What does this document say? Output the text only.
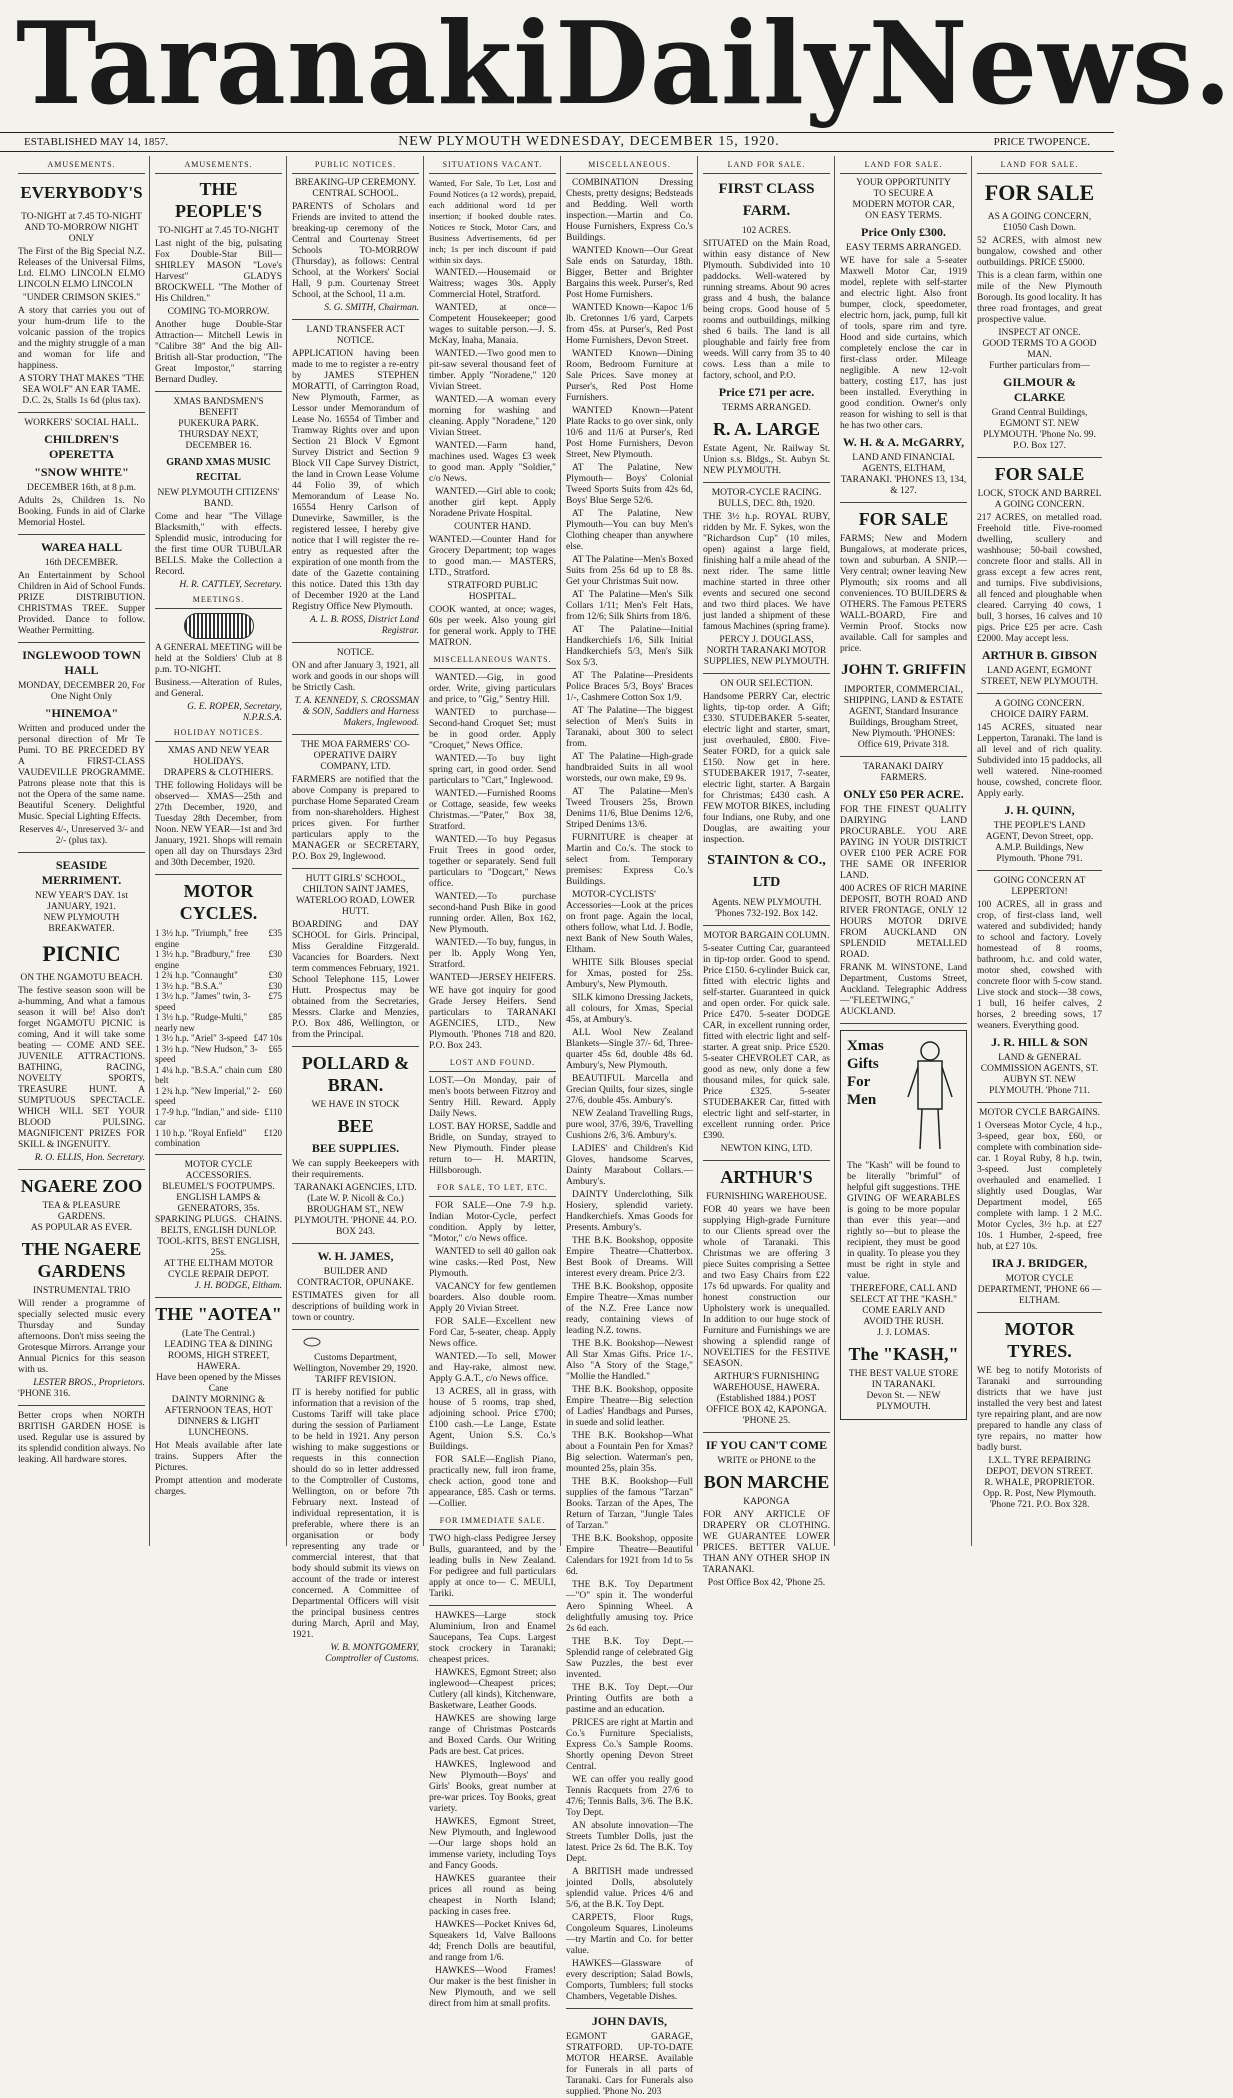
Taranaki Daily News.
ESTABLISHED MAY 14, 1857.	NEW PLYMOUTH WEDNESDAY, DECEMBER 15, 1920.	PRICE TWOPENCE.
AMUSEMENTS.
EVERYBODY'S
TO-NIGHT at 7.45 TO-NIGHT AND TO-MORROW NIGHT ONLY

The First of the Big Special N.Z. Releases of the Universal Films, Ltd. ELMO LINCOLN ELMO LINCOLN ELMO LINCOLN

"UNDER CRIMSON SKIES."

A story that carries you out of your hum-drum life to the volcanic passion of the tropics and the mighty struggle of a man and woman for life and happiness.

A STORY THAT MAKES "THE SEA WOLF" AN EAR TAME.
D.C. 2s, Stalls 1s 6d (plus tax).
WORKERS' SOCIAL HALL.
CHILDREN'S OPERETTA
"SNOW WHITE"
DECEMBER 16th, at 8 p.m.

Adults 2s, Children 1s. No Booking. Funds in aid of Clarke Memorial Hostel.

WAREA HALL
16th DECEMBER.

An Entertainment by School Children in Aid of School Funds. PRIZE DISTRIBUTION. CHRISTMAS TREE. Supper Provided. Dance to follow. Weather Permitting.

INGLEWOOD TOWN HALL
MONDAY, DECEMBER 20, For One Night Only
"HINEMOA"

Written and produced under the personal direction of Mr Te Pumi. TO BE PRECEDED BY A FIRST-CLASS VAUDEVILLE PROGRAMME. Patrons please note that this is not the Opera of the same name. Beautiful Scenery. Delightful Music. Special Lighting Effects.

Reserves 4/-, Unreserved 3/- and 2/- (plus tax).
SEASIDE MERRIMENT.
NEW YEAR'S DAY. 1st JANUARY, 1921.
NEW PLYMOUTH BREAKWATER.
PICNIC
ON THE NGAMOTU BEACH.

The festive season soon will be a-humming, And what a famous season it will be! Also don't forget NGAMOTU PICNIC is coming, And it will take some beating — COME AND SEE. JUVENILE ATTRACTIONS. BATHING, RACING, NOVELTY SPORTS, TREASURE HUNT. A SUMPTUOUS SPECTACLE. WHICH WILL SET YOUR BLOOD PULSING. MAGNIFICENT PRIZES FOR SKILL & INGENUITY.

R. O. ELLIS, Hon. Secretary.
NGAERE ZOO
TEA & PLEASURE GARDENS.
AS POPULAR AS EVER.
THE NGAERE GARDENS
INSTRUMENTAL TRIO

Will render a programme of specially selected music every Thursday and Sunday afternoons. Don't miss seeing the Grotesque Mirrors. Arrange your Annual Picnics for this season with us.

LESTER BROS., Proprietors.
'PHONE 316.

Better crops when NORTH BRITISH GARDEN HOSE is used. Regular use is assured by its splendid condition always. No leaking. All hardware stores.

AMUSEMENTS.
THE PEOPLE'S
TO-NIGHT at 7.45 TO-NIGHT

Last night of the big, pulsating Fox Double-Star Bill— SHIRLEY MASON "Love's Harvest" GLADYS BROCKWELL "The Mother of His Children."

COMING TO-MORROW.

Another huge Double-Star Attraction— Mitchell Lewis in "Calibre 38" And the big All-British all-Star production, "The Great Impostor," starring Bernard Dudley.

XMAS BANDSMEN'S BENEFIT
PUKEKURA PARK.
THURSDAY NEXT, DECEMBER 16.
GRAND XMAS MUSIC RECITAL
NEW PLYMOUTH CITIZENS' BAND.

Come and hear "The Village Blacksmith," with effects. Splendid music, introducing for the first time OUR TUBULAR BELLS. Make the Collection a Record.

H. R. CATTLEY, Secretary.
MEETINGS.

A GENERAL MEETING will be held at the Soldiers' Club at 8 p.m. TO-NIGHT.

Business.—Alteration of Rules, and General.

G. E. ROPER, Secretary, N.P.R.S.A.
HOLIDAY NOTICES.
XMAS AND NEW YEAR HOLIDAYS.
DRAPERS & CLOTHIERS.

THE following Holidays will be observed— XMAS—25th and 27th December, 1920, and Tuesday 28th December, from Noon. NEW YEAR—1st and 3rd January, 1921. Shops will remain open all day on Thursdays 23rd and 30th December, 1920.

MOTOR CYCLES.
1 3½ h.p. "Triumph," free engine
£35
1 3½ h.p. "Bradbury," free engine
£30
1 2¾ h.p. "Connaught"	£30
1 3½ h.p. "B.S.A."	£30
1 3½ h.p. "James" twin, 3-speed
£75
1 3½ h.p. "Rudge-Multi," nearly new
£85
1 3½ h.p. "Ariel" 3-speed £47 10s
1 3½ h.p. "New Hudson," 3-speed
£65
1 4¼ h.p. "B.S.A." chain cum belt
£80
1 2¾ h.p. "New Imperial," 2-speed
£60
1 7-9 h.p. "Indian," and side-car
£110
1 10 h.p. "Royal Enfield" combination
£120
MOTOR CYCLE ACCESSORIES.
BLEUMEL'S FOOTPUMPS.
ENGLISH LAMPS & GENERATORS, 35s.
SPARKING PLUGS. CHAINS.
BELTS, ENGLISH DUNLOP.
TOOL-KITS, BEST ENGLISH, 25s.
AT THE ELTHAM MOTOR CYCLE REPAIR DEPOT.
J. H. BODGE, Eltham.
THE "AOTEA"
(Late The Central.)
LEADING TEA & DINING ROOMS, HIGH STREET, HAWERA.
Have been opened by the Misses Cane
DAINTY MORNING & AFTERNOON TEAS, HOT DINNERS & LIGHT LUNCHEONS.

Hot Meals available after late trains. Suppers After the Pictures.

Prompt attention and moderate charges.

PUBLIC NOTICES.
BREAKING-UP CEREMONY.
CENTRAL SCHOOL.

PARENTS of Scholars and Friends are invited to attend the breaking-up ceremony of the Central and Courtenay Street Schools TO-MORROW (Thursday), as follows: Central School, at the Workers' Social Hall, 9 p.m. Courtenay Street School, at the School, 11 a.m.

S. G. SMITH, Chairman.
LAND TRANSFER ACT NOTICE.

APPLICATION having been made to me to register a re-entry by JAMES STEPHEN MORATTI, of Carrington Road, New Plymouth, Farmer, as Lessor under Memorandum of Lease No. 16554 of Timber and Tramway Rights over and upon Section 21 Block V Egmont Survey District and Section 9 Block VII Cape Survey District, the land in Crown Lease Volume 44 Folio 39, of which Memorandum of Lease No. 16554 Henry Carlson of Dunevirke, Sawmiller, is the registered lessee, I hereby give notice that I will register the re-entry as requested after the expiration of one month from the date of the Gazette containing this notice. Dated this 13th day of December 1920 at the Land Registry Office New Plymouth.

A. L. B. ROSS, District Land Registrar.
NOTICE.

ON and after January 3, 1921, all work and goods in our shops will be Strictly Cash.

T. A. KENNEDY, S. CROSSMAN & SON, Saddlers and Harness Makers, Inglewood.
THE MOA FARMERS' CO-OPERATIVE DAIRY COMPANY, LTD.

FARMERS are notified that the above Company is prepared to purchase Home Separated Cream from non-shareholders. Highest prices given. For further particulars apply to the MANAGER or SECRETARY, P.O. Box 29, Inglewood.

HUTT GIRLS' SCHOOL, CHILTON SAINT JAMES,
WATERLOO ROAD, LOWER HUTT.

BOARDING and DAY SCHOOL for Girls. Principal, Miss Geraldine Fitzgerald. Vacancies for Boarders. Next term commences February, 1921. School Telephone 115, Lower Hutt. Prospectus may be obtained from the Secretaries, Messrs. Clarke and Menzies, P.O. Box 486, Wellington, or from the Principal.

POLLARD & BRAN.
WE HAVE IN STOCK
BEE
BEE SUPPLIES.

We can supply Beekeepers with their requirements.

TARANAKI AGENCIES, LTD.
(Late W. P. Nicoll & Co.) BROUGHAM ST., NEW PLYMOUTH. 'PHONE 44. P.O. BOX 243.
W. H. JAMES,
BUILDER AND CONTRACTOR, OPUNAKE.

ESTIMATES given for all descriptions of building work in town or country.

Customs Department, Wellington, November 29, 1920.
TARIFF REVISION.

IT is hereby notified for public information that a revision of the Customs Tariff will take place during the session of Parliament to be held in 1921. Any person wishing to make suggestions or requests in this connection should do so in letter addressed to the Comptroller of Customs, Wellington, on or before 7th February next. Instead of individual representation, it is preferable, where there is an organisation or body representing any trade or commercial interest, that that body should submit its views on account of the trade or interest concerned. A Committee of Departmental Officers will visit the principal business centres during March, April and May, 1921.

W. B. MONTGOMERY, Comptroller of Customs.
SITUATIONS VACANT.

Wanted, For Sale, To Let, Lost and Found Notices (a 12 words), prepaid, each additional word 1d per insertion; if booked double rates. Notices re Stock, Motor Cars, and Business Advertisements, 6d per inch; 1s per inch discount if paid within six days.

WANTED.—Housemaid or Waitress; wages 30s. Apply Commercial Hotel, Stratford.

WANTED, at once—Competent Housekeeper; good wages to suitable person.—J. S. McKay, Inaha, Manaia.

WANTED.—Two good men to pit-saw several thousand feet of timber. Apply "Noradene," 120 Vivian Street.

WANTED.—A woman every morning for washing and cleaning. Apply "Noradene," 120 Vivian Street.

WANTED.—Farm hand, machines used. Wages £3 week to good man. Apply "Soldier," c/o News.

WANTED.—Girl able to cook; another girl kept. Apply Noradene Private Hospital.

COUNTER HAND.

WANTED.—Counter Hand for Grocery Department; top wages to good man.— MASTERS, LTD., Stratford.

STRATFORD PUBLIC HOSPITAL.

COOK wanted, at once; wages, 60s per week. Also young girl for general work. Apply to THE MATRON.

MISCELLANEOUS WANTS.

WANTED.—Gig, in good order. Write, giving particulars and price, to "Gig," Sentry Hill.

WANTED to purchase—Second-hand Croquet Set; must be in good order. Apply "Croquet," News Office.

WANTED.—To buy light spring cart, in good order. Send particulars to "Cart," Inglewood.

WANTED.—Furnished Rooms or Cottage, seaside, few weeks Christmas.—"Pater," Box 38, Stratford.

WANTED.—To buy Pegasus Fruit Trees in good order, together or separately. Send full particulars to "Dogcart," News office.

WANTED.—To purchase second-hand Push Bike in good running order. Allen, Box 162, New Plymouth.

WANTED.—To buy, fungus, in per lb. Apply Wong Yen, Stratford.

WANTED—JERSEY HEIFERS.

WE have got inquiry for good Grade Jersey Heifers. Send particulars to TARANAKI AGENCIES, LTD., New Plymouth. 'Phones 718 and 820. P.O. Box 243.

LOST AND FOUND.

LOST.—On Monday, pair of men's boots between Fitzroy and Sentry Hill. Reward. Apply Daily News.

LOST. BAY HORSE, Saddle and Bridle, on Sunday, strayed to New Plymouth. Finder please return to— H. MARTIN, Hillsborough.

FOR SALE, TO LET, ETC.

FOR SALE—One 7-9 h.p. Indian Motor-Cycle, perfect condition. Apply by letter, "Motor," c/o News office.

WANTED to sell 40 gallon oak wine casks.—Red Post, New Plymouth.

VACANCY for few gentlemen boarders. Also double room. Apply 20 Vivian Street.

FOR SALE—Excellent new Ford Car, 5-seater, cheap. Apply News office.

WANTED.—To sell, Mower and Hay-rake, almost new. Apply G.A.T., c/o News office.

13 ACRES, all in grass, with house of 5 rooms, trap shed, adjoining school. Price £700; £100 cash.—Le Lange, Estate Agent, Union S.S. Co.'s Buildings.

FOR SALE—English Piano, practically new, full iron frame, check action, good tone and appearance, £85. Cash or terms.—Collier.

FOR IMMEDIATE SALE.

TWO high-class Pedigree Jersey Bulls, guaranteed, and by the leading bulls in New Zealand. For pedigree and full particulars apply at once to— C. MEULI, Tariki.

HAWKES—Large stock Aluminium, Iron and Enamel Saucepans, Tea Cups. Largest stock crockery in Taranaki; cheapest prices.

HAWKES, Egmont Street; also inglewood—Cheapest prices; Cutlery (all kinds), Kitchenware, Basketware, Leather Goods.

HAWKES are showing large range of Christmas Postcards and Boxed Cards. Our Writing Pads are best. Cat prices.

HAWKES, Inglewood and New Plymouth—Boys' and Girls' Books, great number at pre-war prices. Toy Books, great variety.

HAWKES, Egmont Street, New Plymouth, and Inglewood—Our large shops hold an immense variety, including Toys and Fancy Goods.

HAWKES guarantee their prices all round as being cheapest in North Island; packing in cases free.

HAWKES—Pocket Knives 6d, Squeakers 1d, Valve Balloons 4d; French Dolls are beautiful, and range from 1/6.

HAWKES—Wood Frames! Our maker is the best finisher in New Plymouth, and we sell direct from him at small profits.

MISCELLANEOUS.

COMBINATION Dressing Chests, pretty designs; Bedsteads and Bedding. Well worth inspection.—Martin and Co. House Furnishers, Express Co.'s Buildings.

WANTED Known—Our Great Sale ends on Saturday, 18th. Bigger, Better and Brighter Bargains this week. Purser's, Red Post Home Furnishers.

WANTED Known—Kapoc 1/6 lb. Cretonnes 1/6 yard, Carpets from 45s. at Purser's, Red Post Home Furnishers, Devon Street.

WANTED Known—Dining Room, Bedroom Furniture at Sale Prices. Save money at Purser's, Red Post Home Furnishers.

WANTED Known—Patent Plate Racks to go over sink, only 10/6 and 11/6 at Purser's, Red Post Home Furnishers, Devon Street, New Plymouth.

AT The Palatine, New Plymouth— Boys' Colonial Tweed Sports Suits from 42s 6d, Boys' Blue Serge 52/6.

AT The Palatine, New Plymouth—You can buy Men's Clothing cheaper than anywhere else.

AT The Palatine—Men's Boxed Suits from 25s 6d up to £8 8s. Get your Christmas Suit now.

AT The Palatine—Men's Silk Collars 1/11; Men's Felt Hats, from 12/6; Silk Shirts from 18/6.

AT The Palatine—Initial Handkerchiefs 1/6, Silk Initial Handkerchiefs 5/3, Men's Silk Sox 5/3.

AT The Palatine—Presidents Police Braces 5/3, Boys' Braces 1/-, Cashmere Cotton Sox 1/9.

AT The Palatine—The biggest selection of Men's Suits in Taranaki, about 300 to select from.

AT The Palatine—High-grade handbraided Suits in all wool worsteds, our own make, £9 9s.

AT The Palatine—Men's Tweed Trousers 25s, Brown Denims 11/6, Blue Denims 12/6, Striped Denims 13/6.

FURNITURE is cheaper at Martin and Co.'s. The stock to select from. Temporary premises: Express Co.'s Buildings.

MOTOR-CYCLISTS' Accessories—Look at the prices on front page. Again the local, others follow, what Ltd. J. Bodle, next Bank of New South Wales, Eltham.

WHITE Silk Blouses special for Xmas, posted for 25s. Ambury's, New Plymouth.

SILK kimono Dressing Jackets, all colours, for Xmas, Special 45s, at Ambury's.

ALL Wool New Zealand Blankets—Single 37/- 6d, Three-quarter 45s 6d, double 48s 6d. Ambury's, New Plymouth.

BEAUTIFUL Marcella and Grecian Quilts, four sizes, single 27/6, double 45s. Ambury's.

NEW Zealand Travelling Rugs, pure wool, 37/6, 39/6, Travelling Cushions 2/6, 3/6. Ambury's.

LADIES' and Children's Kid Gloves, handsome Scarves, Dainty Marabout Collars.—Ambury's.

DAINTY Underclothing, Silk Hosiery, splendid variety. Handkerchiefs. Xmas Goods for Presents. Ambury's.

THE B.K. Bookshop, opposite Empire Theatre—Chatterbox. Best Book of Dreams. Will interest every dream. Price 2/3.

THE B.K. Bookshop, opposite Empire Theatre—Xmas number of the N.Z. Free Lance now ready, containing views of leading N.Z. towns.

THE B.K. Bookshop—Newest All Star Xmas Gifts. Price 1/-. Also "A Story of the Stage," "Mollie the Handled."

THE B.K. Bookshop, opposite Empire Theatre—Big selection of Ladies' Handbags and Purses, in suede and solid leather.

THE B.K. Bookshop—What about a Fountain Pen for Xmas? Big selection. Waterman's pen, mounted 25s, plain 35s.

THE B.K. Bookshop—Full supplies of the famous "Tarzan" Books. Tarzan of the Apes, The Return of Tarzan, "Jungle Tales of Tarzan."

THE B.K. Bookshop, opposite Empire Theatre—Beautiful Calendars for 1921 from 1d to 5s 6d.

THE B.K. Toy Department—"O" spin it. The wonderful Aero Spinning Wheel. A delightfully amusing toy. Price 2s 6d each.

THE B.K. Toy Dept.—Splendid range of celebrated Gig Saw Puzzles, the best ever invented.

THE B.K. Toy Dept.—Our Printing Outfits are both a pastime and an education.

PRICES are right at Martin and Co.'s Furniture Specialists, Express Co.'s Sample Rooms. Shortly opening Devon Street Central.

WE can offer you really good Tennis Racquets from 27/6 to 47/6; Tennis Balls, 3/6. The B.K. Toy Dept.

AN absolute innovation—The Streets Tumbler Dolls, just the latest. Price 2s 6d. The B.K. Toy Dept.

A BRITISH made undressed jointed Dolls, absolutely splendid value. Prices 4/6 and 5/6, at the B.K. Toy Dept.

CARPETS, Floor Rugs, Congoleum Squares, Linoleums—try Martin and Co. for better value.

HAWKES—Glassware of every description; Salad Bowls, Comports, Tumblers; full stocks Chambers, Vegetable Dishes.

JOHN DAVIS,

EGMONT GARAGE, STRATFORD. UP-TO-DATE MOTOR HEARSE. Available for Funerals in all parts of Taranaki. Cars for Funerals also supplied. 'Phone No. 203

LAND FOR SALE.
FIRST CLASS FARM.
102 ACRES.

SITUATED on the Main Road, within easy distance of New Plymouth. Subdivided into 10 paddocks. Well-watered by running streams. About 90 acres grass and 4 bush, the balance being crops. Good house of 5 rooms and outbuildings, milking shed 6 bails. The land is all ploughable and fairly free from weeds. Will carry from 35 to 40 cows. Less than a mile to factory, school, and P.O.

Price £71 per acre.
TERMS ARRANGED.
R. A. LARGE

Estate Agent, Nr. Railway St. Union s.s. Bldgs., St. Aubyn St. NEW PLYMOUTH.

MOTOR-CYCLE RACING.
BULLS, DEC. 8th, 1920.

THE 3½ h.p. ROYAL RUBY, ridden by Mr. F. Sykes, won the "Richardson Cup" (10 miles, open) against a large field, finishing half a mile ahead of the next rider. The same little machine started in three other events and secured one second and two third places. We have just landed a shipment of these famous Machines (spring frame).

PERCY J. DOUGLASS,
NORTH TARANAKI MOTOR SUPPLIES, NEW PLYMOUTH.
ON OUR SELECTION.

Handsome PERRY Car, electric lights, tip-top order. A Gift; £330. STUDEBAKER 5-seater, electric light and starter, smart, just overhauled, £800. Five-Seater FORD, for a quick sale £150. Now get in here. STUDEBAKER 1917, 7-seater, electric light, starter. A Bargain for Christmas; £430 cash. A FEW MOTOR BIKES, including four Indians, one Ruby, and one Douglas, are awaiting your inspection.

STAINTON & CO., LTD
Agents. NEW PLYMOUTH. 'Phones 732-192. Box 142.
MOTOR BARGAIN COLUMN.

5-seater Cutting Car, guaranteed in tip-top order. Good to spend. Price £150. 6-cylinder Buick car, fitted with electric lights and self-starter. Guaranteed in quick and open order. For quick sale. Price £470. 5-seater DODGE CAR, in excellent running order, fitted with electric light and self-starter. A great snip. Price £520. 5-seater CHEVROLET CAR, as good as new, only done a few thousand miles, for quick sale. Price £325. 5-seater STUDEBAKER Car, fitted with electric light and self-starter, in excellent running order. Price £390.

NEWTON KING, LTD.
ARTHUR'S
FURNISHING WAREHOUSE.

FOR 40 years we have been supplying High-grade Furniture to our Clients spread over the whole of Taranaki. This Christmas we are offering 3 piece Suites comprising a Settee and two Easy Chairs from £22 17s 6d upwards. For quality and honest construction our Upholstery work is unequalled. In addition to our huge stock of Furniture and Furnishings we are showing a splendid range of NOVELTIES for the FESTIVE SEASON.

ARTHUR'S FURNISHING WAREHOUSE, HAWERA. (Established 1884.) POST OFFICE BOX 42, KAPONGA. 'PHONE 25.
IF YOU CAN'T COME
WRITE or PHONE to the
BON MARCHE
KAPONGA

FOR ANY ARTICLE OF DRAPERY OR CLOTHING. WE GUARANTEE LOWER PRICES. BETTER VALUE. THAN ANY OTHER SHOP IN TARANAKI.

Post Office Box 42, 'Phone 25.
LAND FOR SALE.
YOUR OPPORTUNITY
TO SECURE A
MODERN MOTOR CAR,
ON EASY TERMS.
Price Only £300.
EASY TERMS ARRANGED.

WE have for sale a 5-seater Maxwell Motor Car, 1919 model, replete with self-starter and electric light. Also front bumper, clock, speedometer, electric horn, jack, pump, full kit of tools, spare rim and tyre. Hood and side curtains, which completely enclose the car in first-class order. Mileage negligible. A new 12-volt battery, costing £17, has just been installed. Everything in good condition. Owner's only reason for wishing to sell is that he has two other cars.

W. H. & A. McGARRY,
LAND AND FINANCIAL AGENTS, ELTHAM, TARANAKI. 'PHONES 13, 134, & 127.
FOR SALE

FARMS; New and Modern Bungalows, at moderate prices, town and suburban. A SNIP.—Very central; owner leaving New Plymouth; six rooms and all conveniences. TO BUILDERS & OTHERS. The Famous PETERS WALL-BOARD, Fire and Vermin Proof. Stocks now available. Call for samples and price.

JOHN T. GRIFFIN
IMPORTER, COMMERCIAL, SHIPPING, LAND & ESTATE AGENT, Standard Insurance Buildings, Brougham Street, New Plymouth. 'PHONES: Office 619, Private 318.
TARANAKI DAIRY FARMERS.
ONLY £50 PER ACRE.

FOR THE FINEST QUALITY DAIRYING LAND PROCURABLE. YOU ARE PAYING IN YOUR DISTRICT OVER £100 PER ACRE FOR THE SAME OR INFERIOR LAND.

400 ACRES OF RICH MARINE DEPOSIT, BOTH ROAD AND RIVER FRONTAGE, ONLY 12 HOURS MOTOR DRIVE FROM AUCKLAND ON SPLENDID METALLED ROAD.

FRANK M. WINSTONE, Land Department, Customs Street, Auckland. Telegraphic Address—"FLEETWING," AUCKLAND.

Xmas
Gifts
For
Men

The "Kash" will be found to be literally "brimful" of helpful gift suggestions. THE GIVING OF WEARABLES is going to be more popular than ever this year—and rightly so—but to please the recipient, they must be good in quality. To please you they must be right in style and value.

THEREFORE, CALL AND SELECT AT THE "KASH."
COME EARLY AND AVOID THE RUSH.
J. J. LOMAS.
The "KASH,"
THE BEST VALUE STORE IN TARANAKI.
Devon St. — NEW PLYMOUTH.
LAND FOR SALE.
FOR SALE
AS A GOING CONCERN,
£1050 Cash Down.

52 ACRES, with almost new bungalow, cowshed and other outbuildings. PRICE £5000.

This is a clean farm, within one mile of the New Plymouth Borough. Its good locality. It has three road frontages, and great prospective value.

INSPECT AT ONCE.
GOOD TERMS TO A GOOD MAN.
Further particulars from—
GILMOUR & CLARKE
Grand Central Buildings, EGMONT ST. NEW PLYMOUTH. 'Phone No. 99. P.O. Box 127.
FOR SALE
LOCK, STOCK AND BARREL A GOING CONCERN.

217 ACRES, on metalled road. Freehold title. Five-roomed dwelling, scullery and washhouse; 50-bail cowshed, concrete floor and stalls. All in grass except a few acres rent, and turnips. Five subdivisions, all fenced and ploughable when cleared. Carrying 40 cows, 1 bull, 3 horses, 16 calves and 10 pigs. Price £25 per acre. Cash £2000. May accept less.

ARTHUR B. GIBSON
LAND AGENT, EGMONT STREET, NEW PLYMOUTH.
A GOING CONCERN.
CHOICE DAIRY FARM.

145 ACRES, situated near Lepperton, Taranaki. The land is all level and of rich quality. Subdivided into 15 paddocks, all well watered. Nine-roomed house, cowshed, concrete floor. Apply early.

J. H. QUINN,
THE PEOPLE'S LAND AGENT, Devon Street, opp. A.M.P. Buildings, New Plymouth. 'Phone 791.
GOING CONCERN AT LEPPERTON!

100 ACRES, all in grass and crop, of first-class land, well watered and subdivided; handy to school and factory. Lovely homestead of 8 rooms, bathroom, h.c. and cold water, motor shed, cowshed with concrete floor with 5-cow stand. Live stock and stock—38 cows, 1 bull, 16 heifer calves, 2 horses, 2 breeding sows, 17 weaners. Everything good.

J. R. HILL & SON
LAND & GENERAL COMMISSION AGENTS, ST. AUBYN ST. NEW PLYMOUTH. 'Phone 711.
MOTOR CYCLE BARGAINS.

1 Overseas Motor Cycle, 4 h.p., 3-speed, gear box, £60, or complete with combination side-car. 1 Royal Ruby, 8 h.p. twin, 3-speed. Just completely overhauled and enamelled. 1 slightly used Douglas, War Department model, £65 complete with lamp. 1 2 M.C. Motor Cycles, 3½ h.p. at £27 10s. 1 Humber, 2-speed, free hub, at £27 10s.

IRA J. BRIDGER,
MOTOR CYCLE DEPARTMENT, 'PHONE 66 — ELTHAM.
MOTOR TYRES.

WE beg to notify Motorists of Taranaki and surrounding districts that we have just installed the very best and latest tyre repairing plant, and are now prepared to handle any class of tyre repairs, no matter how badly burst.

I.X.L. TYRE REPAIRING DEPOT, DEVON STREET.
R. WHALE, PROPRIETOR.
Opp. R. Post, New Plymouth. 'Phone 721. P.O. Box 328.
